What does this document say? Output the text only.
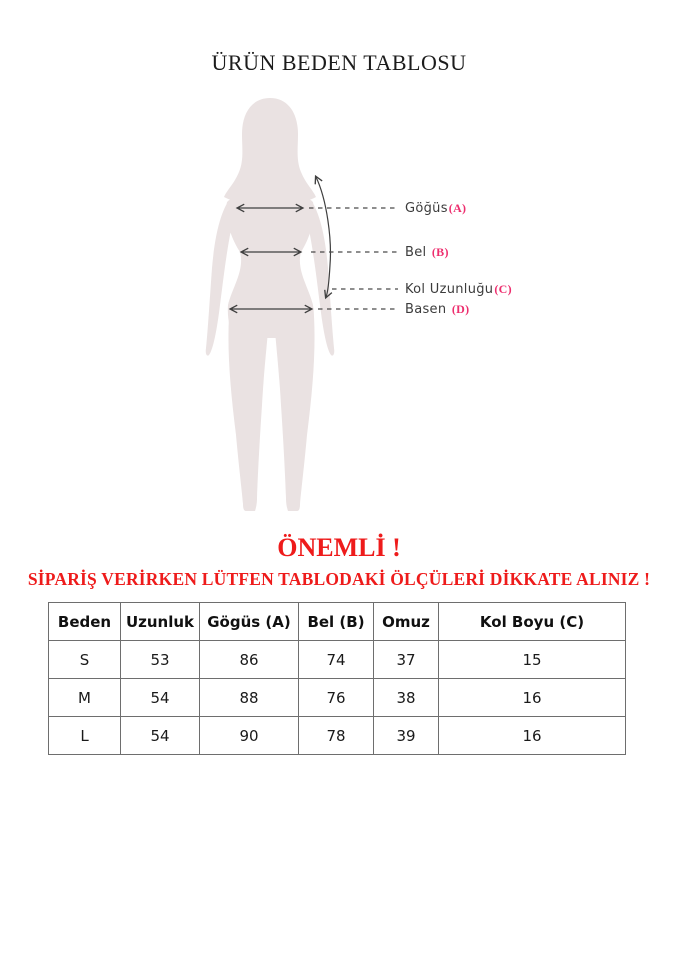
ÜRÜN BEDEN TABLOSU
Göğüs(A)
Bel (B)
Kol Uzunluğu(C)
Basen (D)
ÖNEMLİ !
SİPARİŞ VERİRKEN LÜTFEN TABLODAKİ ÖLÇÜLERİ DİKKATE ALINIZ !
Beden	Uzunluk	Gögüs (A)	Bel (B)	Omuz	Kol Boyu (C)
S	53	86	74	37	15
M	54	88	76	38	16
L	54	90	78	39	16
